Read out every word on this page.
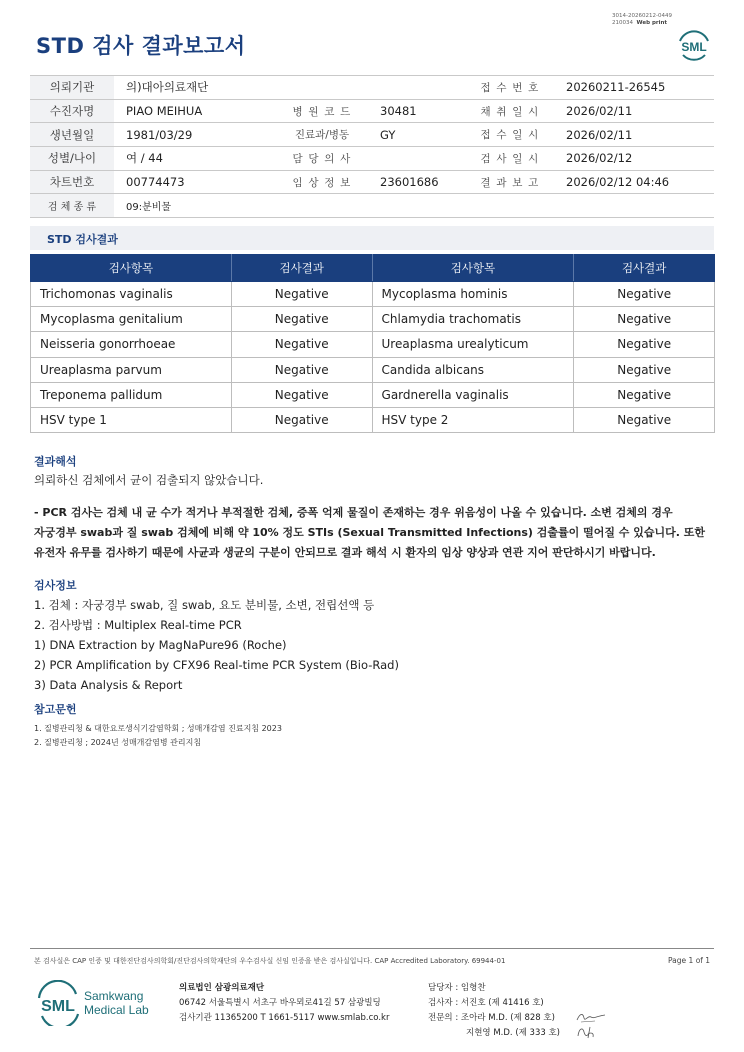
STD 검사 결과보고서
3014-20260212-0449
210034 Web print
SML
의뢰기관	의)대아의료재단			접 수 번 호	20260211-26545
수진자명	PIAO MEIHUA	병 원 코 드	30481	채 취 일 시	2026/02/11
생년월일	1981/03/29	진료과/병동	GY	접 수 일 시	2026/02/11
성별/나이	여 / 44	담 당 의 사		검 사 일 시	2026/02/12
차트번호	00774473	임 상 정 보	23601686	결 과 보 고	2026/02/12 04:46
검 체 종 류	09:분비물				
STD 검사결과
검사항목	검사결과	검사항목	검사결과
Trichomonas vaginalis	Negative	Mycoplasma hominis	Negative
Mycoplasma genitalium	Negative	Chlamydia trachomatis	Negative
Neisseria gonorrhoeae	Negative	Ureaplasma urealyticum	Negative
Ureaplasma parvum	Negative	Candida albicans	Negative
Treponema pallidum	Negative	Gardnerella vaginalis	Negative
HSV type 1	Negative	HSV type 2	Negative
결과해석
의뢰하신 검체에서 균이 검출되지 않았습니다.
- PCR 검사는 검체 내 균 수가 적거나 부적절한 검체, 증폭 억제 물질이 존재하는 경우 위음성이 나올 수 있습니다. 소변 검체의 경우
자궁경부 swab과 질 swab 검체에 비해 약 10% 정도 STIs (Sexual Transmitted Infections) 검출률이 떨어질 수 있습니다. 또한
유전자 유무를 검사하기 때문에 사균과 생균의 구분이 안되므로 결과 해석 시 환자의 임상 양상과 연관 지어 판단하시기 바랍니다.
검사정보
1. 검체 : 자궁경부 swab, 질 swab, 요도 분비물, 소변, 전립선액 등
2. 검사방법 : Multiplex Real-time PCR
1) DNA Extraction by MagNaPure96 (Roche)
2) PCR Amplification by CFX96 Real-time PCR System (Bio-Rad)
3) Data Analysis & Report
참고문헌
1. 질병관리청 & 대한요로생식기감염학회 ; 성매개감염 진료지침 2023
2. 질병관리청 ; 2024년 성매개감염병 관리지침
본 검사실은 CAP 인증 및 대한진단검사의학회/진단검사의학재단의 우수검사실 신임 인증을 받은 검사실입니다. CAP Accredited Laboratory. 69944-01	Page 1 of 1
SML
Samkwang
Medical Lab
의료법인 삼광의료재단
06742 서울특별시 서초구 바우뫼로41길 57 삼광빌딩
검사기관 11365200 T 1661-5117 www.smlab.co.kr
담당자 : 임형찬
검사자 : 서진호 (제 41416 호)
전문의 : 조아라 M.D. (제 828 호)
지현영 M.D. (제 333 호)
